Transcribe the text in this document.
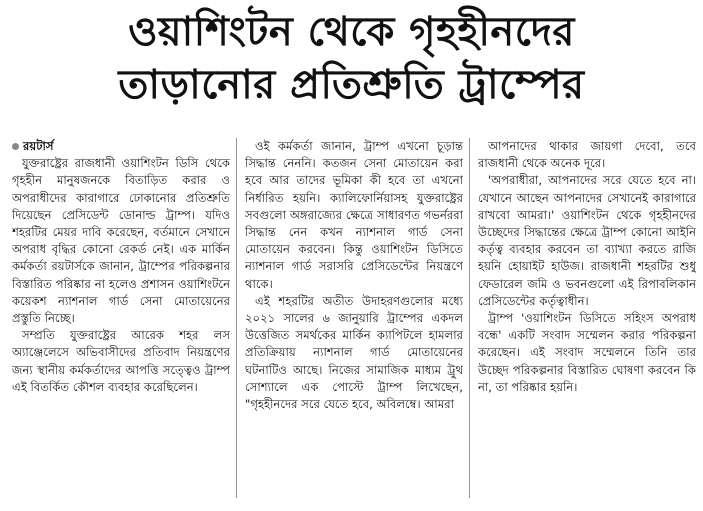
ওয়াশিংটন থেকে গৃহহীনদের
তাড়ানোর প্রতিশ্রুতি ট্রাম্পের
রয়টার্স

যুক্তরাষ্ট্রের রাজধানী ওয়াশিংটন ডিসি থেকে গৃহহীন মানুষজনকে বিতাড়িত করার ও অপরাধীদের কারাগারে ঢোকানোর প্রতিশ্রুতি দিয়েছেন প্রেসিডেন্ট ডোনাল্ড ট্রাম্প। যদিও শহরটির মেয়র দাবি করেছেন, বর্তমানে সেখানে অপরাধ বৃদ্ধির কোনো রেকর্ড নেই। এক মার্কিন কর্মকর্তা রয়টার্সকে জানান, ট্রাম্পের পরিকল্পনার বিস্তারিত পরিষ্কার না হলেও প্রশাসন ওয়াশিংটনে কয়েকশ ন্যাশনাল গার্ড সেনা মোতায়েনের প্রস্তুতি নিচ্ছে।

সম্প্রতি যুক্তরাষ্ট্রের আরেক শহর লস অ্যাঞ্জেলেসে অভিবাসীদের প্রতিবাদ নিয়ন্ত্রণের জন্য স্থানীয় কর্মকর্তাদের আপত্তি সত্ত্বেও ট্রাম্প এই বিতর্কিত কৌশল ব্যবহার করেছিলেন।

ওই কর্মকর্তা জানান, ট্রাম্প এখনো চূড়ান্ত সিদ্ধান্ত নেননি। কতজন সেনা মোতায়েন করা হবে আর তাদের ভূমিকা কী হবে তা এখনো নির্ধারিত হয়নি। ক্যালিফোর্নিয়াসহ যুক্তরাষ্ট্রের সবগুলো অঙ্গরাজ্যের ক্ষেত্রে সাধারণত গভর্নররা সিদ্ধান্ত নেন কখন ন্যাশনাল গার্ড সেনা মোতায়েন করবেন। কিন্তু ওয়াশিংটন ডিসিতে ন্যাশনাল গার্ড সরাসরি প্রেসিডেন্টের নিয়ন্ত্রণে থাকে।

এই শহরটির অতীত উদাহরণগুলোর মধ্যে ২০২১ সালের ৬ জানুয়ারি ট্রাম্পের একদল উত্তেজিত সমর্থকের মার্কিন ক্যাপিটলে হামলার প্রতিক্রিয়ায় ন্যাশনাল গার্ড মোতায়েনের ঘটনাটিও আছে। নিজের সামাজিক মাধ্যম ট্রুথ সোশ্যালে এক পোস্টে ট্রাম্প লিখেছেন, "গৃহহীনদের সরে যেতে হবে, অবিলম্বে। আমরা

আপনাদের থাকার জায়গা দেবো, তবে রাজধানী থেকে অনেক দূরে।

'অপরাধীরা, আপনাদের সরে যেতে হবে না। যেখানে আছেন আপনাদের সেখানেই কারাগারে রাখবো আমরা।' ওয়াশিংটন থেকে গৃহহীনদের উচ্ছেদের সিদ্ধান্তের ক্ষেত্রে ট্রাম্প কোনো আইনি কর্তৃত্ব ব্যবহার করবেন তা ব্যাখ্যা করতে রাজি হয়নি হোয়াইট হাউজ। রাজধানী শহরটির শুধু ফেডারেল জমি ও ভবনগুলো এই রিপাবলিকান প্রেসিডেন্টের কর্তৃত্বাধীন।

ট্রাম্প 'ওয়াশিংটন ডিসিতে সহিংস অপরাধ বন্ধে' একটি সংবাদ সম্মেলন করার পরিকল্পনা করেছেন। এই সংবাদ সম্মেলনে তিনি তার উচ্ছেদ পরিকল্পনার বিস্তারিত ঘোষণা করবেন কি না, তা পরিষ্কার হয়নি।
